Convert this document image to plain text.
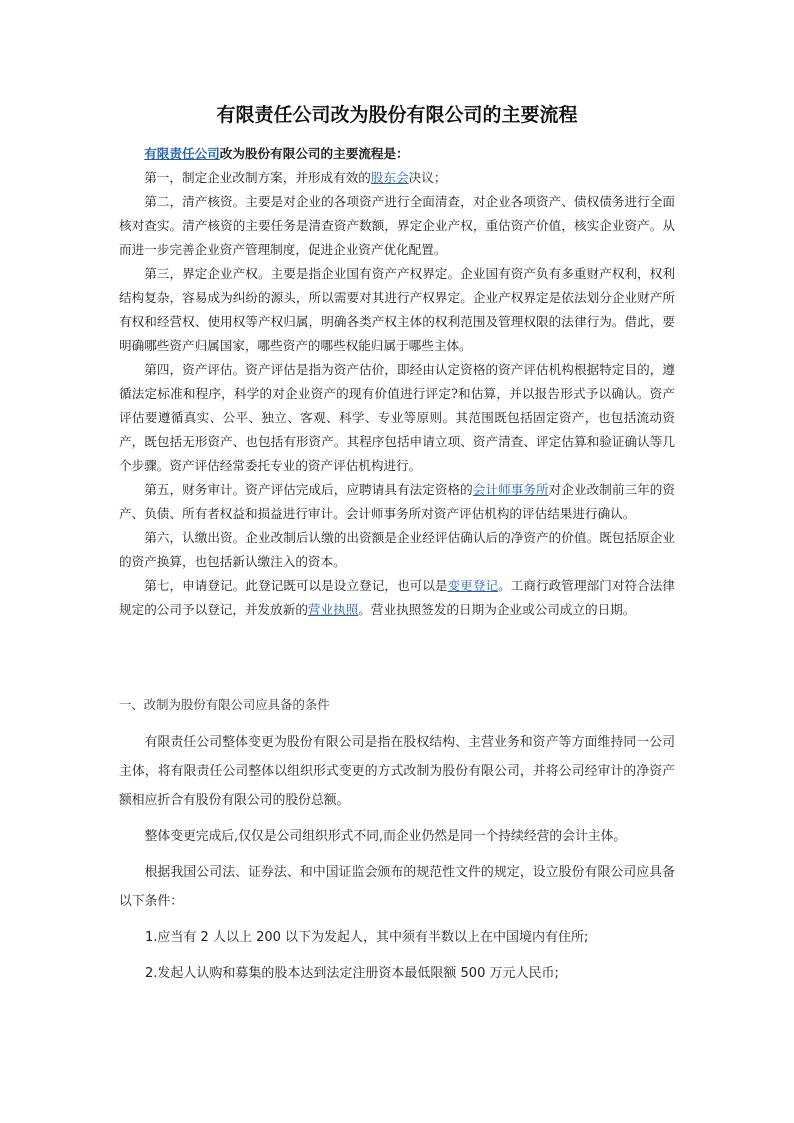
有限责任公司改为股份有限公司的主要流程

有限责任公司改为股份有限公司的主要流程是：

第一，制定企业改制方案，并形成有效的股东会决议；

第二，清产核资。主要是对企业的各项资产进行全面清查，对企业各项资产、债权债务进行全面核对查实。清产核资的主要任务是清查资产数额，界定企业产权，重估资产价值，核实企业资产。从而进一步完善企业资产管理制度，促进企业资产优化配置。

第三，界定企业产权。主要是指企业国有资产产权界定。企业国有资产负有多重财产权利，权利结构复杂，容易成为纠纷的源头，所以需要对其进行产权界定。企业产权界定是依法划分企业财产所有权和经营权、使用权等产权归属，明确各类产权主体的权利范围及管理权限的法律行为。借此，要明确哪些资产归属国家，哪些资产的哪些权能归属于哪些主体。

第四，资产评估。资产评估是指为资产估价，即经由认定资格的资产评估机构根据特定目的，遵循法定标准和程序，科学的对企业资产的现有价值进行评定?和估算，并以报告形式予以确认。资产评估要遵循真实、公平、独立、客观、科学、专业等原则。其范围既包括固定资产，也包括流动资产，既包括无形资产、也包括有形资产。其程序包括申请立项、资产清查、评定估算和验证确认等几个步骤。资产评估经常委托专业的资产评估机构进行。

第五，财务审计。资产评估完成后，应聘请具有法定资格的会计师事务所对企业改制前三年的资产、负债、所有者权益和损益进行审计。会计师事务所对资产评估机构的评估结果进行确认。

第六，认缴出资。企业改制后认缴的出资额是企业经评估确认后的净资产的价值。既包括原企业的资产换算，也包括新认缴注入的资本。

第七，申请登记。此登记既可以是设立登记，也可以是变更登记。工商行政管理部门对符合法律规定的公司予以登记，并发放新的营业执照。营业执照签发的日期为企业或公司成立的日期。

一、改制为股份有限公司应具备的条件

有限责任公司整体变更为股份有限公司是指在股权结构、主营业务和资产等方面维持同一公司主体，将有限责任公司整体以组织形式变更的方式改制为股份有限公司，并将公司经审计的净资产额相应折合有股份有限公司的股份总额。

整体变更完成后,仅仅是公司组织形式不同,而企业仍然是同一个持续经营的会计主体。

根据我国公司法、证券法、和中国证监会颁布的规范性文件的规定，设立股份有限公司应具备以下条件：

1.应当有 2 人以上 200 以下为发起人，其中须有半数以上在中国境内有住所;

2.发起人认购和募集的股本达到法定注册资本最低限额 500 万元人民币;
